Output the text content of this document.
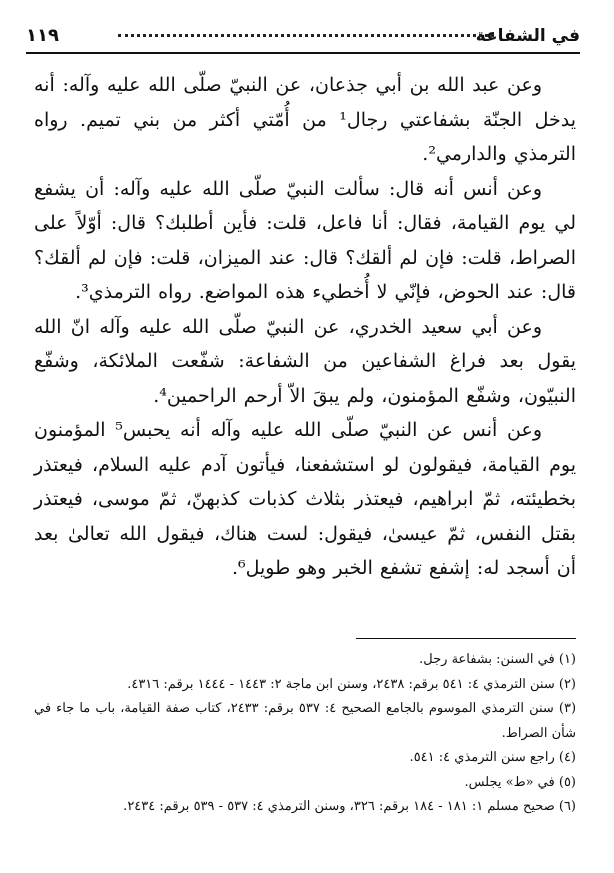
في الشفاعة
١١٩

وعن عبد الله بن أبي جذعان، عن النبيّ صلّى الله عليه وآله: أنه يدخل الجنّة بشفاعتي رجال¹ من أُمّتي أكثر من بني تميم. رواه الترمذي والدارمي².

وعن أنس أنه قال: سألت النبيّ صلّى الله عليه وآله: أن يشفع لي يوم القيامة، فقال: أنا فاعل، قلت: فأين أطلبك؟ قال: أوّلاً على الصراط، قلت: فإن لم ألقك؟ قال: عند الميزان، قلت: فإن لم ألقك؟ قال: عند الحوض، فإنّي لا أُخطيء هذه المواضع. رواه الترمذي³.

وعن أبي سعيد الخدري، عن النبيّ صلّى الله عليه وآله انّ الله يقول بعد فراغ الشفاعين من الشفاعة: شفّعت الملائكة، وشفّع النبيّون، وشفّع المؤمنون، ولم يبقَ الاّ أرحم الراحمين⁴.

وعن أنس عن النبيّ صلّى الله عليه وآله أنه يحبس⁵ المؤمنون يوم القيامة، فيقولون لو استشفعنا، فيأتون آدم عليه السلام، فيعتذر بخطيئته، ثمّ ابراهيم، فيعتذر بثلاث كذبات كذبهنّ، ثمّ موسى، فيعتذر بقتل النفس، ثمّ عيسىٰ، فيقول: لست هناك، فيقول الله تعالىٰ بعد أن أسجد له: إشفع تشفع الخبر وهو طويل⁶.

(١) في السنن: بشفاعة رجل.
(٢) سنن الترمذي ٤: ٥٤١ برقم: ٢٤٣٨، وسنن ابن ماجة ٢: ١٤٤٣ - ١٤٤٤ برقم: ٤٣١٦.
(٣) سنن الترمذي الموسوم بالجامع الصحيح ٤: ٥٣٧ برقم: ٢٤٣٣، كتاب صفة القيامة، باب ما جاء في شأن الصراط.
(٤) راجع سنن الترمذي ٤: ٥٤١.
(٥) في «ط» يجلس.
(٦) صحيح مسلم ١: ١٨١ - ١٨٤ برقم: ٣٢٦، وسنن الترمذي ٤: ٥٣٧ - ٥٣٩ برقم: ٢٤٣٤.
